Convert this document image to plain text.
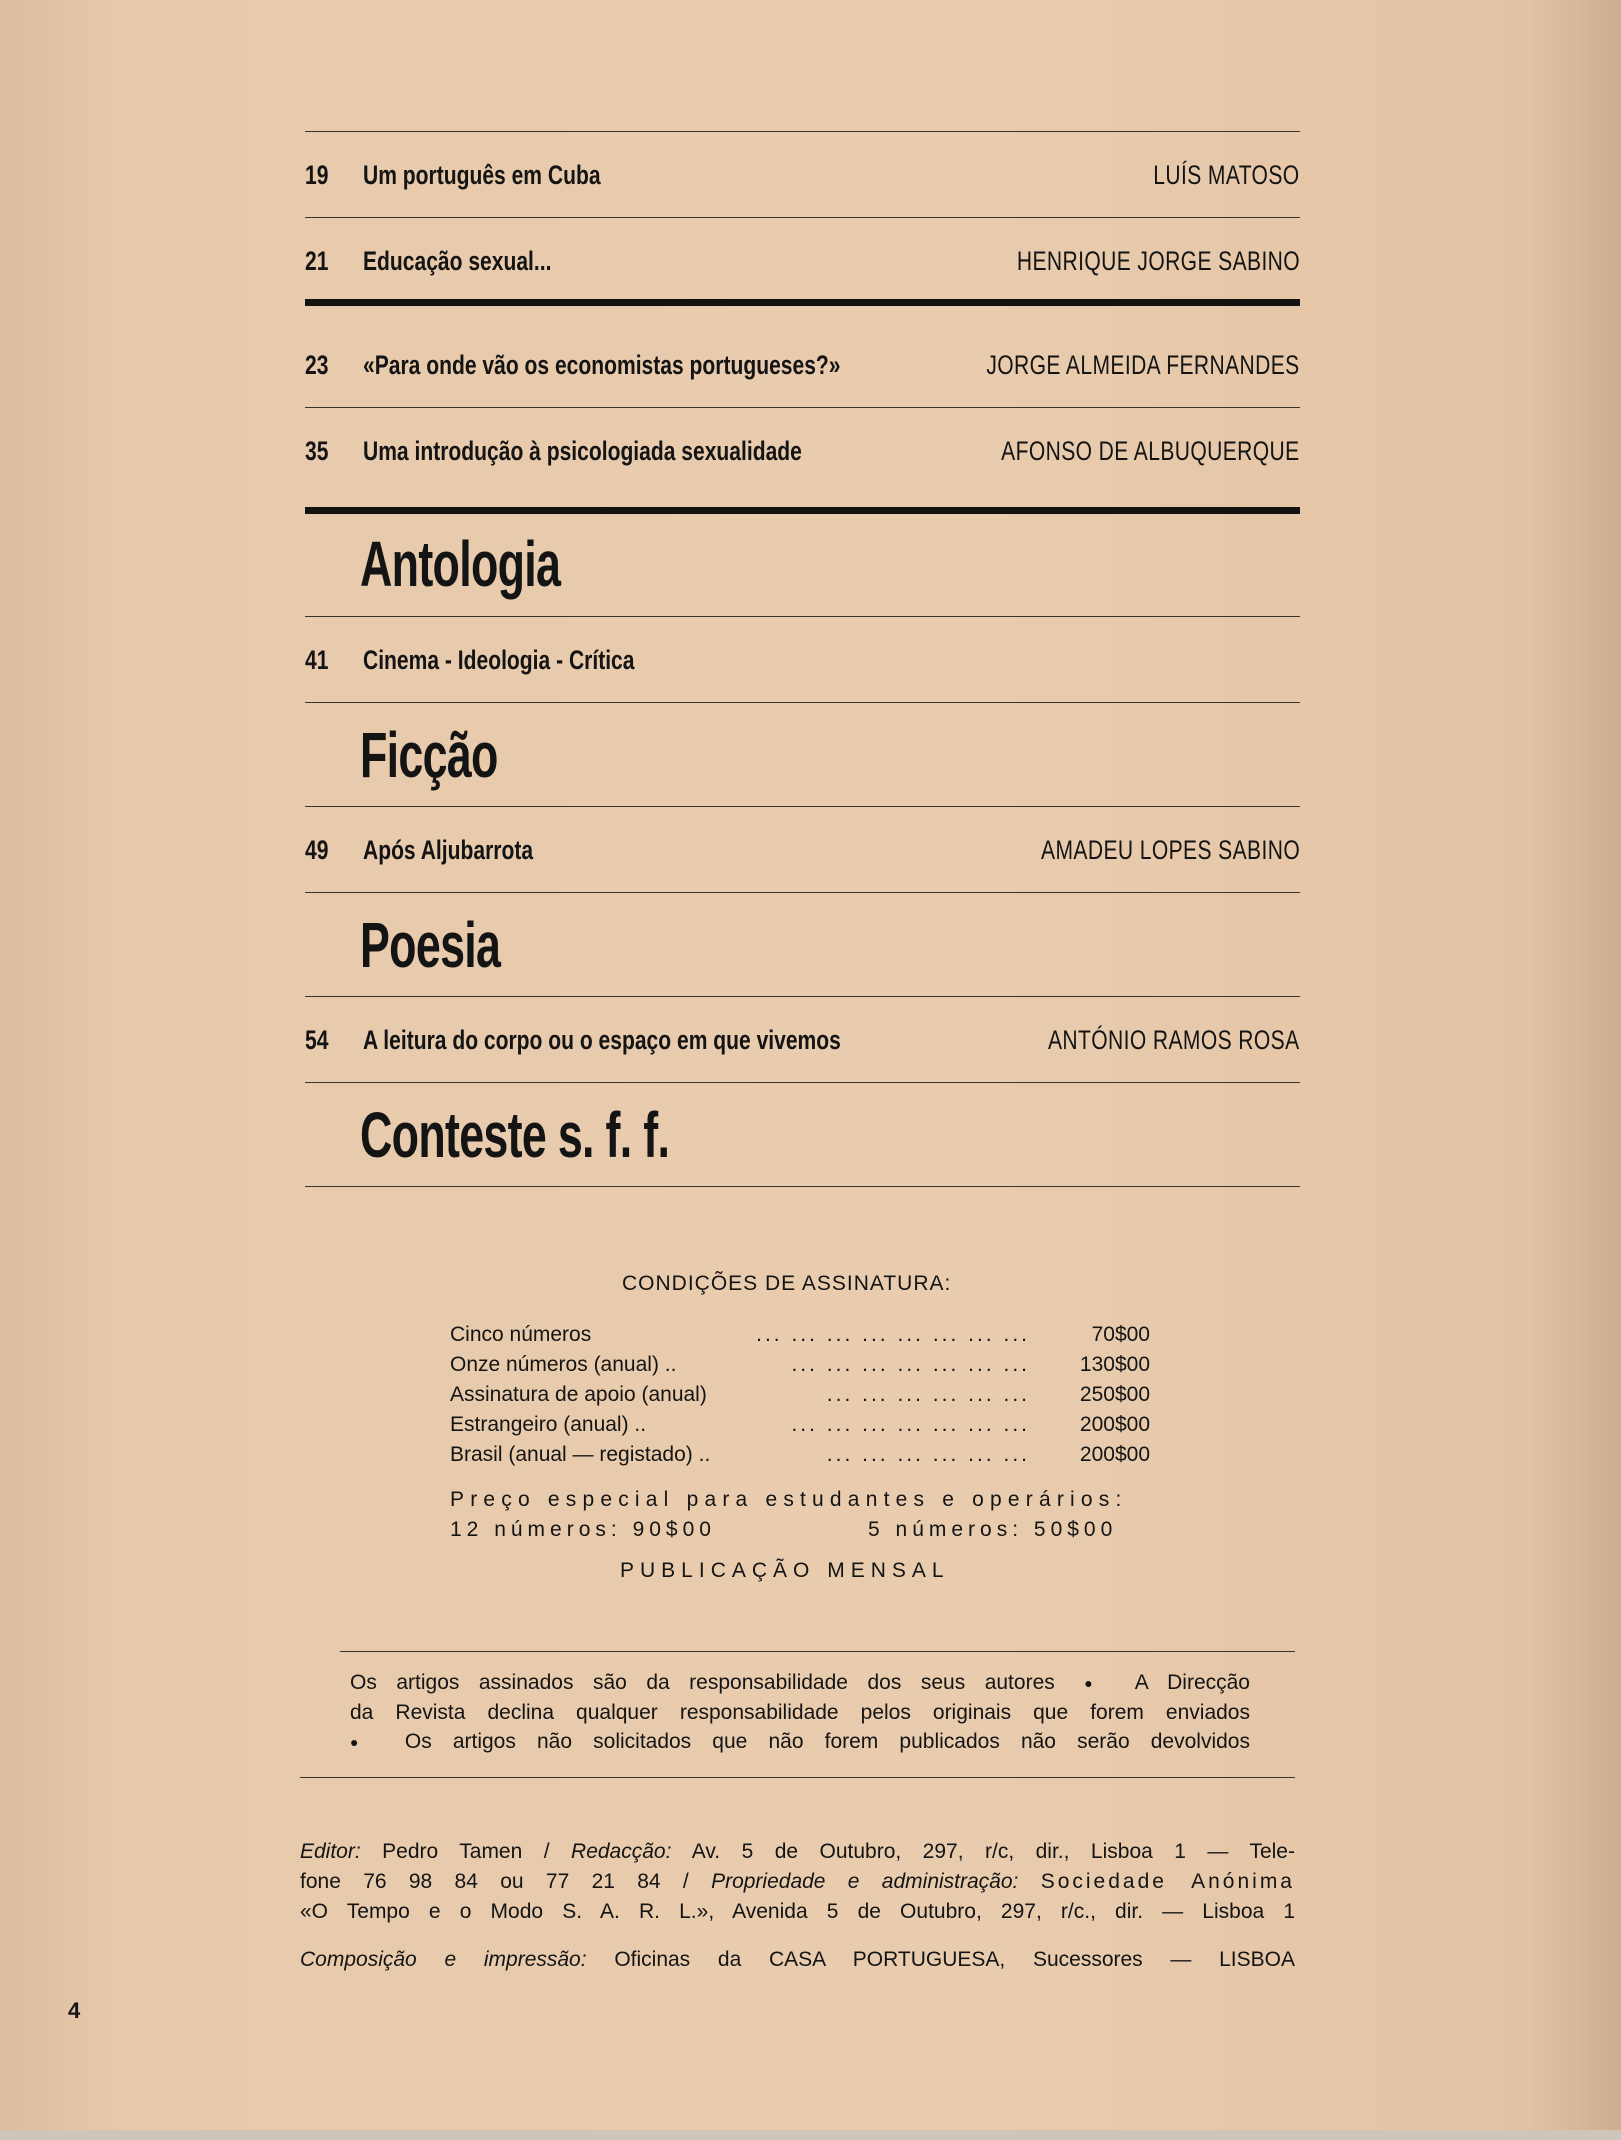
19	Um português em Cuba	LUÍS MATOSO
21	Educação sexual...	HENRIQUE JORGE SABINO
23	«Para onde vão os economistas portugueses?»	JORGE ALMEIDA FERNANDES
35	Uma introdução à psicologiada sexualidade	AFONSO DE ALBUQUERQUE
Antologia
41	Cinema - Ideologia - Crítica
Ficção
49	Após Aljubarrota	AMADEU LOPES SABINO
Poesia
54	A leitura do corpo ou o espaço em que vivemos	ANTÓNIO RAMOS ROSA
Conteste s. f. f.
CONDIÇÕES DE ASSINATURA:
Cinco números	... ... ... ... ... ... ... ...	70$00
Onze números (anual) ..	... ... ... ... ... ... ... 130$00
Assinatura de apoio (anual)	... ... ... ... ... ... 250$00
Estrangeiro (anual) ..	... ... ... ... ... ... ... 200$00
Brasil (anual — registado) ..	... ... ... ... ... ... 200$00
Preço especial para estudantes e operários:
12 números: 90$00	5 números: 50$00
PUBLICAÇÃO MENSAL
Os artigos assinados são da responsabilidade dos seus autores ● A Direcção
da Revista declina qualquer responsabilidade pelos originais que forem enviados
● Os artigos não solicitados que não forem publicados não serão devolvidos
Editor: Pedro Tamen / Redacção: Av. 5 de Outubro, 297, r/c, dir., Lisboa 1 — Tele-
fone 76 98 84 ou 77 21 84 / Propriedade e administração: Sociedade Anónima
«O Tempo e o Modo S. A. R. L.», Avenida 5 de Outubro, 297, r/c., dir. — Lisboa 1
Composição e impressão: Oficinas da CASA PORTUGUESA, Sucessores — LISBOA
4
